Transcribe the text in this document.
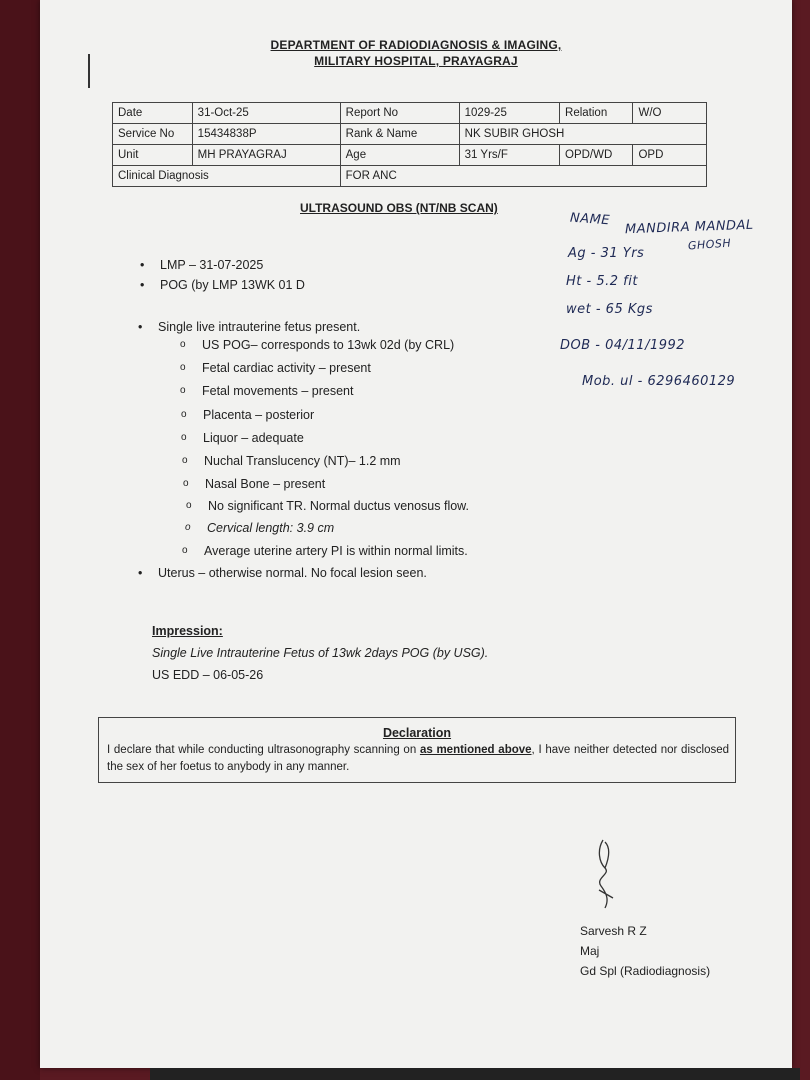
DEPARTMENT OF RADIODIAGNOSIS & IMAGING,
MILITARY HOSPITAL, PRAYAGRAJ
Date	31-Oct-25	Report No	1029-25	Relation	W/O
Service No	15434838P	Rank & Name	NK SUBIR GHOSH		
Unit	MH PRAYAGRAJ	Age	31 Yrs/F	OPD/WD	OPD
Clinical Diagnosis		FOR ANC			
ULTRASOUND OBS (NT/NB SCAN)
• LMP – 31-07-2025
• POG (by LMP 13WK 01 D
• Single live intrauterine fetus present.
o US POG– corresponds to 13wk 02d (by CRL)
o Fetal cardiac activity – present
o Fetal movements – present
o Placenta – posterior
o Liquor – adequate
o Nuchal Translucency (NT)– 1.2 mm
o Nasal Bone – present
o No significant TR. Normal ductus venosus flow.
o Cervical length: 3.9 cm
o Average uterine artery PI is within normal limits.
• Uterus – otherwise normal. No focal lesion seen.
Impression:
Single Live Intrauterine Fetus of 13wk 2days POG (by USG).
US EDD – 06-05-26
Declaration
I declare that while conducting ultrasonography scanning on as mentioned above, I have neither detected nor disclosed the sex of her foetus to anybody in any manner.
Sarvesh R Z
Maj
Gd Spl (Radiodiagnosis)
NAME MANDIRA MANDAL
GHOSH
Ag - 31 Yrs
Ht - 5.2 fit
wet - 65 Kgs
DOB - 04/11/1992
Mob. ul - 6296460129
